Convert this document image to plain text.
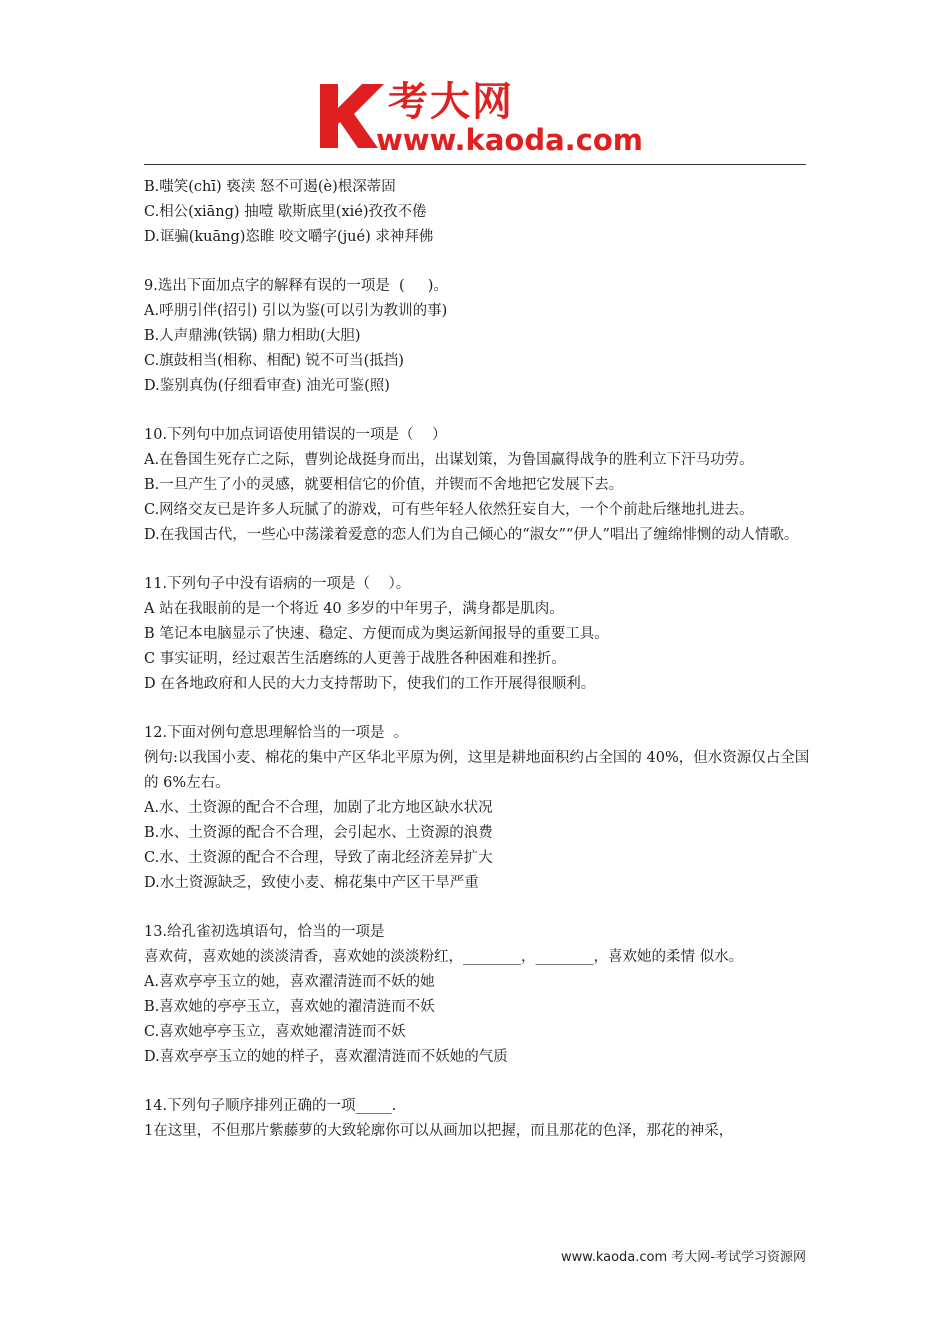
考大网
www.kaoda.com
B.嗤笑(chī) 亵渎 怒不可遏(è)根深蒂固
C.相公(xiāng) 抽噎 歇斯底里(xié)孜孜不倦
D.诓骗(kuāng)恣睢 咬文嚼字(jué) 求神拜佛
9.选出下面加点字的解释有误的一项是  (     )。
A.呼朋引伴(招引) 引以为鉴(可以引为教训的事)
B.人声鼎沸(铁锅) 鼎力相助(大胆)
C.旗鼓相当(相称、相配) 锐不可当(抵挡)
D.鉴别真伪(仔细看审查) 油光可鉴(照)
10.下列句中加点词语使用错误的一项是（    ）
A.在鲁国生死存亡之际，曹刿论战挺身而出，出谋划策，为鲁国赢得战争的胜利立下汗马功劳。
B.一旦产生了小的灵感，就要相信它的价值，并锲而不舍地把它发展下去。
C.网络交友已是许多人玩腻了的游戏，可有些年轻人依然狂妄自大，一个个前赴后继地扎进去。
D.在我国古代，一些心中荡漾着爱意的恋人们为自己倾心的“淑女”“伊人”唱出了缠绵悱恻的动人情歌。
11.下列句子中没有语病的一项是（    ）。
A 站在我眼前的是一个将近 40 多岁的中年男子，满身都是肌肉。
B 笔记本电脑显示了快速、稳定、方便而成为奥运新闻报导的重要工具。
C 事实证明，经过艰苦生活磨练的人更善于战胜各种困难和挫折。
D 在各地政府和人民的大力支持帮助下，使我们的工作开展得很顺利。
12.下面对例句意思理解恰当的一项是  。
例句:以我国小麦、棉花的集中产区华北平原为例，这里是耕地面积约占全国的 40%，但水资源仅占全国的 6%左右。
A.水、土资源的配合不合理，加剧了北方地区缺水状况
B.水、土资源的配合不合理，会引起水、土资源的浪费
C.水、土资源的配合不合理，导致了南北经济差异扩大
D.水土资源缺乏，致使小麦、棉花集中产区干旱严重
13.给孔雀初选填语句，恰当的一项是
喜欢荷，喜欢她的淡淡清香，喜欢她的淡淡粉红，________，________，喜欢她的柔情 似水。
A.喜欢亭亭玉立的她，喜欢濯清涟而不妖的她
B.喜欢她的亭亭玉立，喜欢她的濯清涟而不妖
C.喜欢她亭亭玉立，喜欢她濯清涟而不妖
D.喜欢亭亭玉立的她的样子，喜欢濯清涟而不妖她的气质
14.下列句子顺序排列正确的一项_____.
1在这里，不但那片紫藤萝的大致轮廓你可以从画加以把握，而且那花的色泽，那花的神采，
www.kaoda.com 考大网-考试学习资源网
